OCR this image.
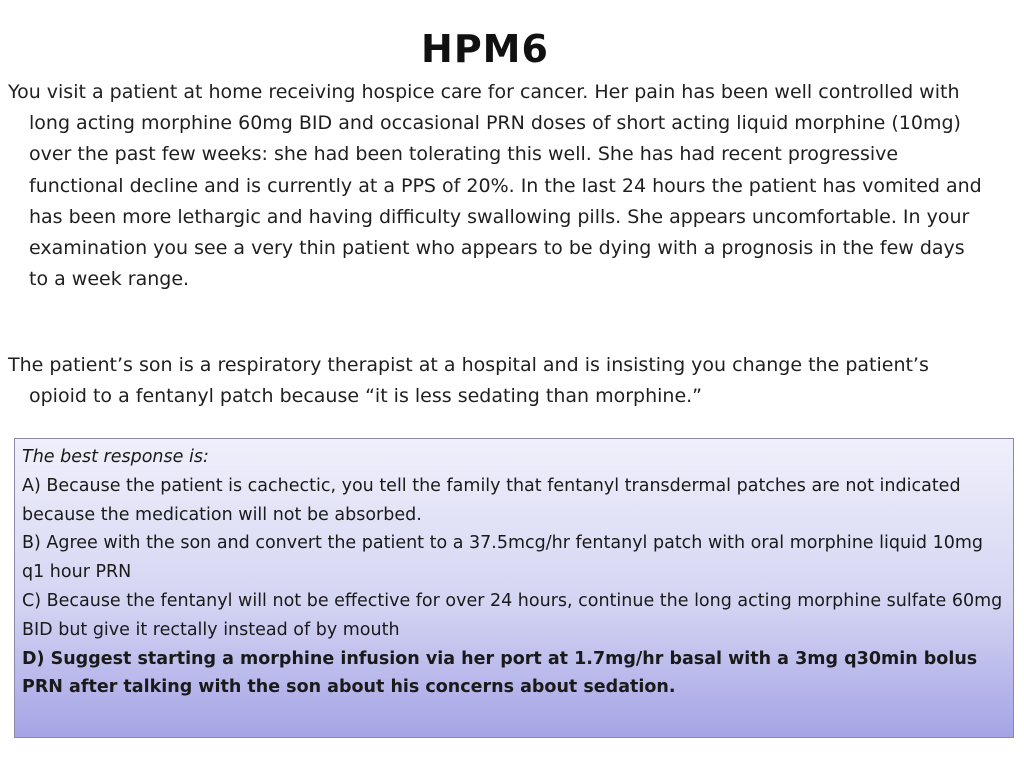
HPM6

You visit a patient at home receiving hospice care for cancer. Her pain has been well controlled with long acting morphine 60mg BID and occasional PRN doses of short acting liquid morphine (10mg) over the past few weeks: she had been tolerating this well. She has had recent progressive functional decline and is currently at a PPS of 20%. In the last 24 hours the patient has vomited and has been more lethargic and having difficulty swallowing pills. She appears uncomfortable. In your examination you see a very thin patient who appears to be dying with a prognosis in the few days to a week range.

The patient’s son is a respiratory therapist at a hospital and is insisting you change the patient’s opioid to a fentanyl patch because “it is less sedating than morphine.”

The best response is:

A) Because the patient is cachectic, you tell the family that fentanyl transdermal patches are not indicated because the medication will not be absorbed.

B) Agree with the son and convert the patient to a 37.5mcg/hr fentanyl patch with oral morphine liquid 10mg q1 hour PRN

C) Because the fentanyl will not be effective for over 24 hours, continue the long acting morphine sulfate 60mg BID but give it rectally instead of by mouth

D) Suggest starting a morphine infusion via her port at 1.7mg/hr basal with a 3mg q30min bolus PRN after talking with the son about his concerns about sedation.
